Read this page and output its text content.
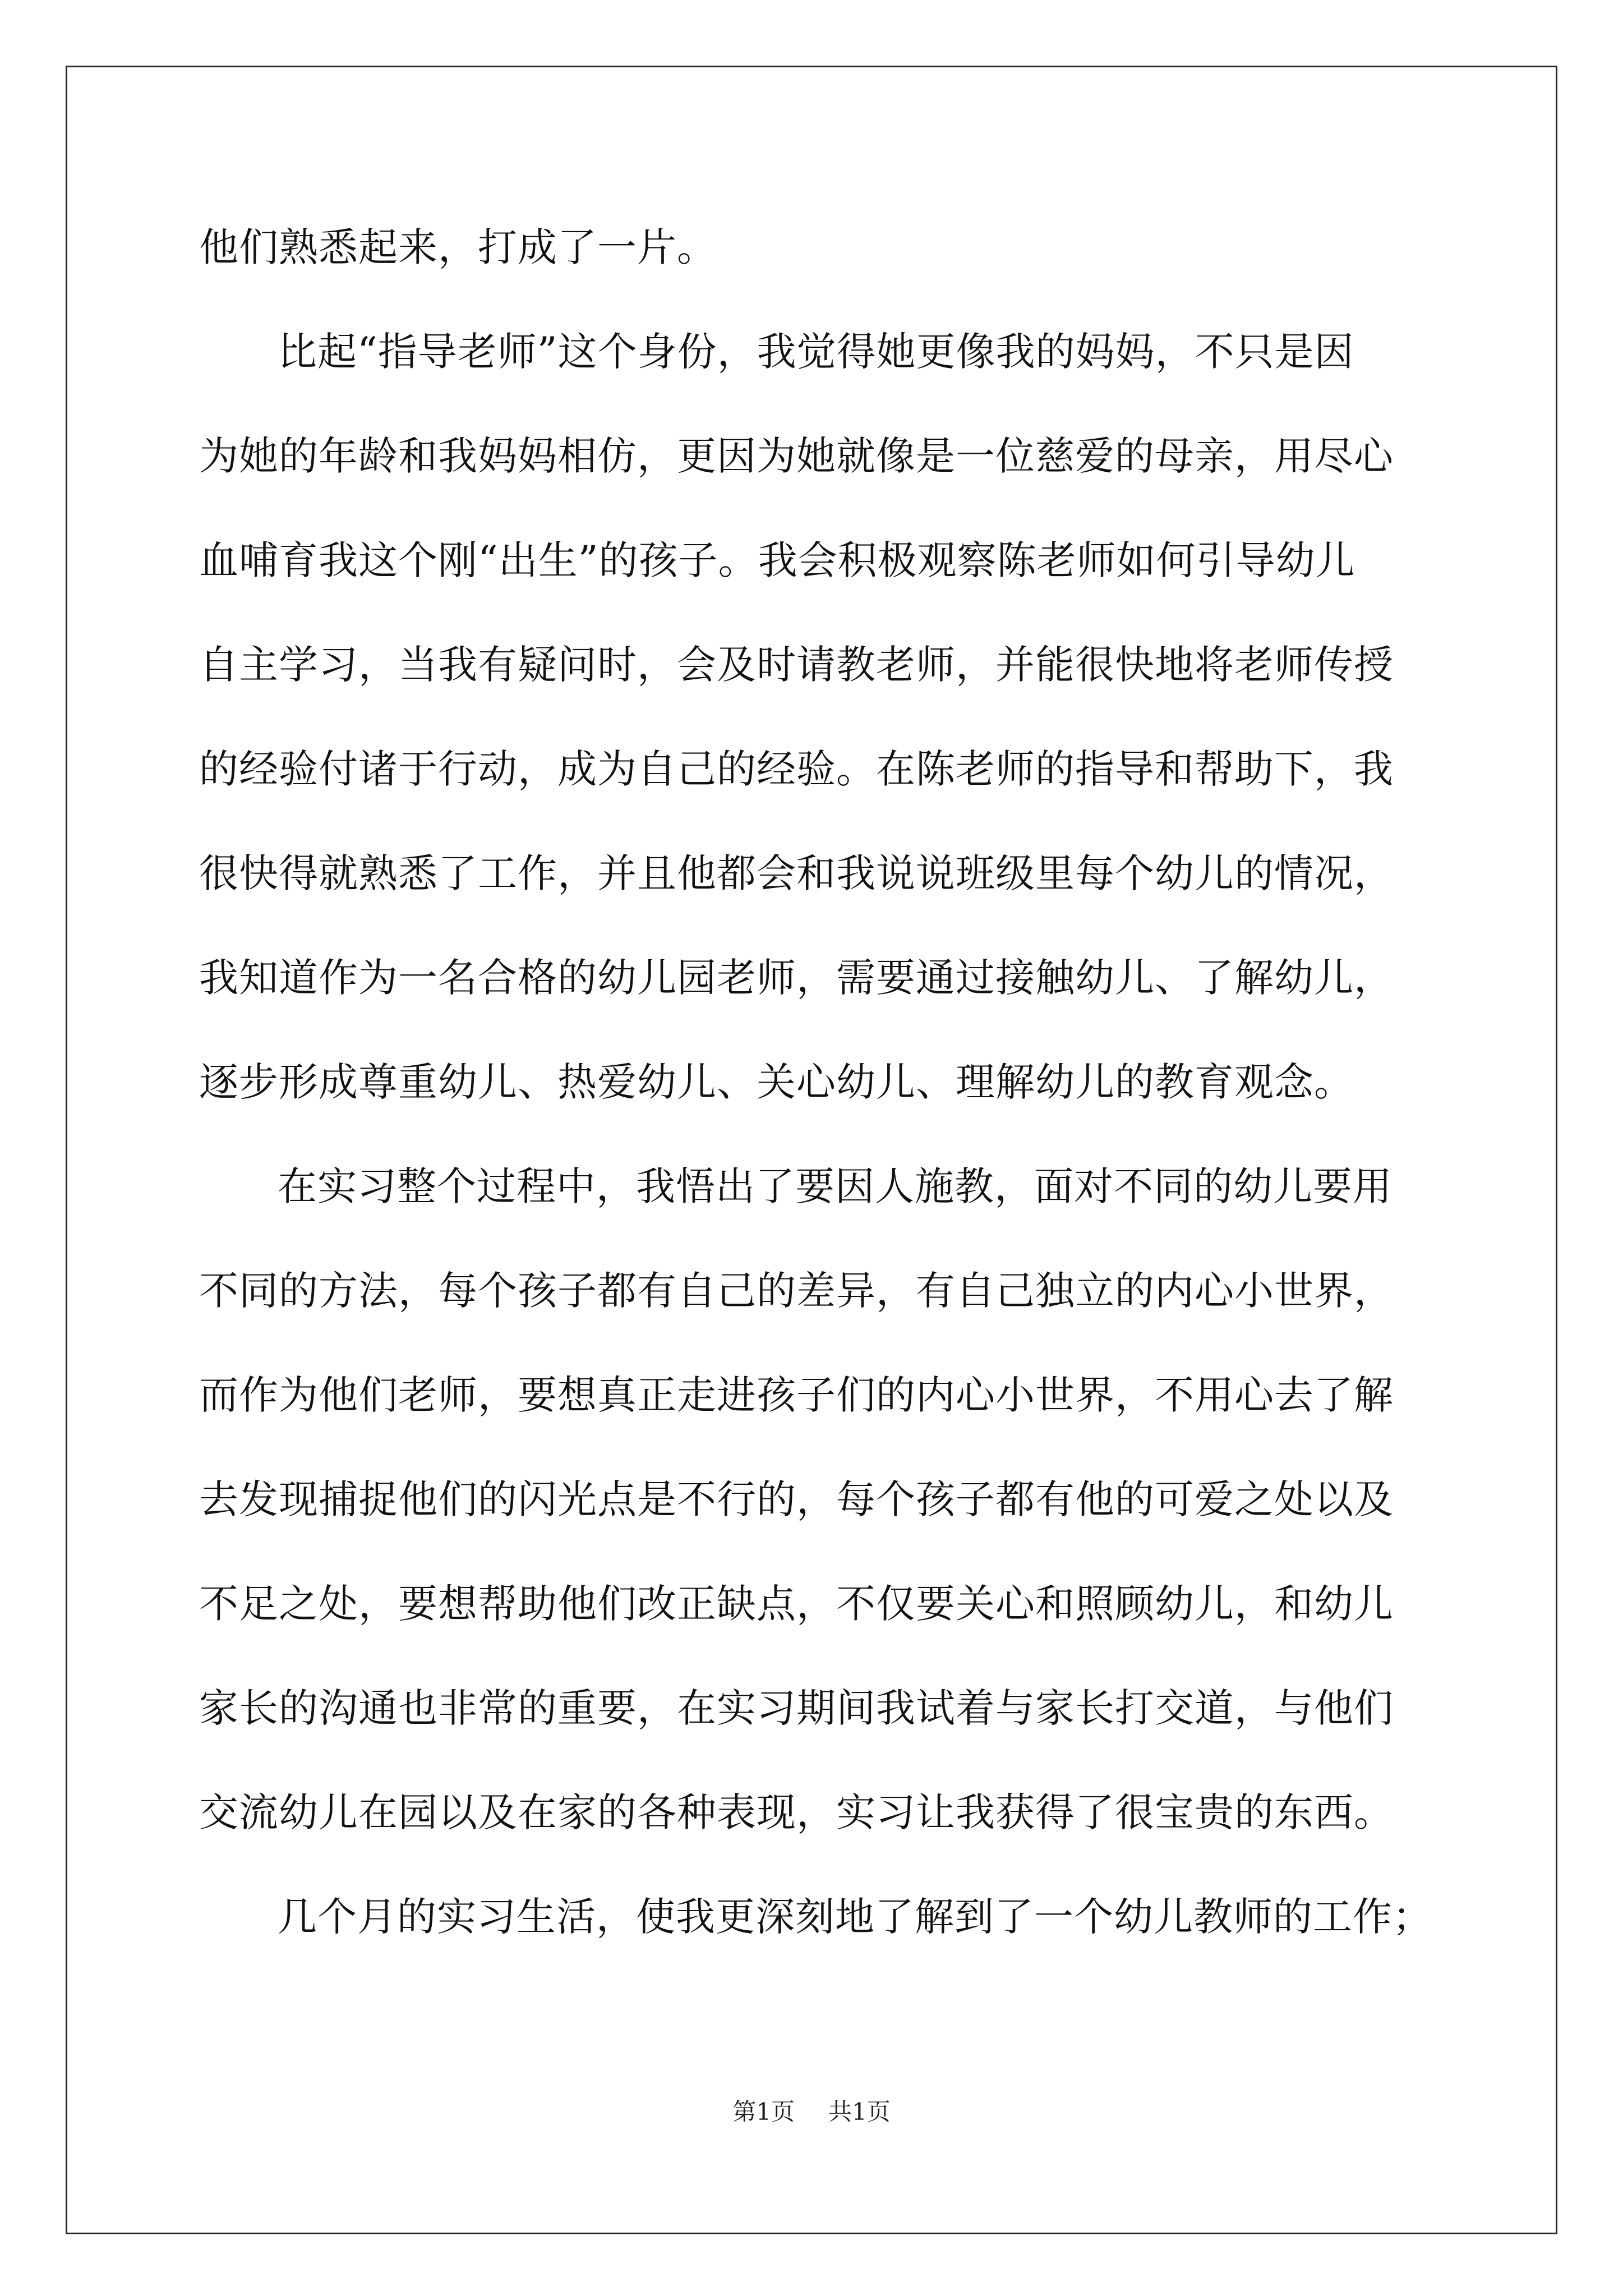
他们熟悉起来，打成了一片。
比起“指导老师”这个身份，我觉得她更像我的妈妈，不只是因
为她的年龄和我妈妈相仿，更因为她就像是一位慈爱的母亲，用尽心
血哺育我这个刚“出生”的孩子。我会积极观察陈老师如何引导幼儿
自主学习，当我有疑问时，会及时请教老师，并能很快地将老师传授
的经验付诸于行动，成为自己的经验。在陈老师的指导和帮助下，我
很快得就熟悉了工作，并且他都会和我说说班级里每个幼儿的情况，
我知道作为一名合格的幼儿园老师，需要通过接触幼儿、了解幼儿，
逐步形成尊重幼儿、热爱幼儿、关心幼儿、理解幼儿的教育观念。
在实习整个过程中，我悟出了要因人施教，面对不同的幼儿要用
不同的方法，每个孩子都有自己的差异，有自己独立的内心小世界，
而作为他们老师，要想真正走进孩子们的内心小世界，不用心去了解
去发现捕捉他们的闪光点是不行的，每个孩子都有他的可爱之处以及
不足之处，要想帮助他们改正缺点，不仅要关心和照顾幼儿，和幼儿
家长的沟通也非常的重要，在实习期间我试着与家长打交道，与他们
交流幼儿在园以及在家的各种表现，实习让我获得了很宝贵的东西。
几个月的实习生活，使我更深刻地了解到了一个幼儿教师的工作；
第1页 共1页
